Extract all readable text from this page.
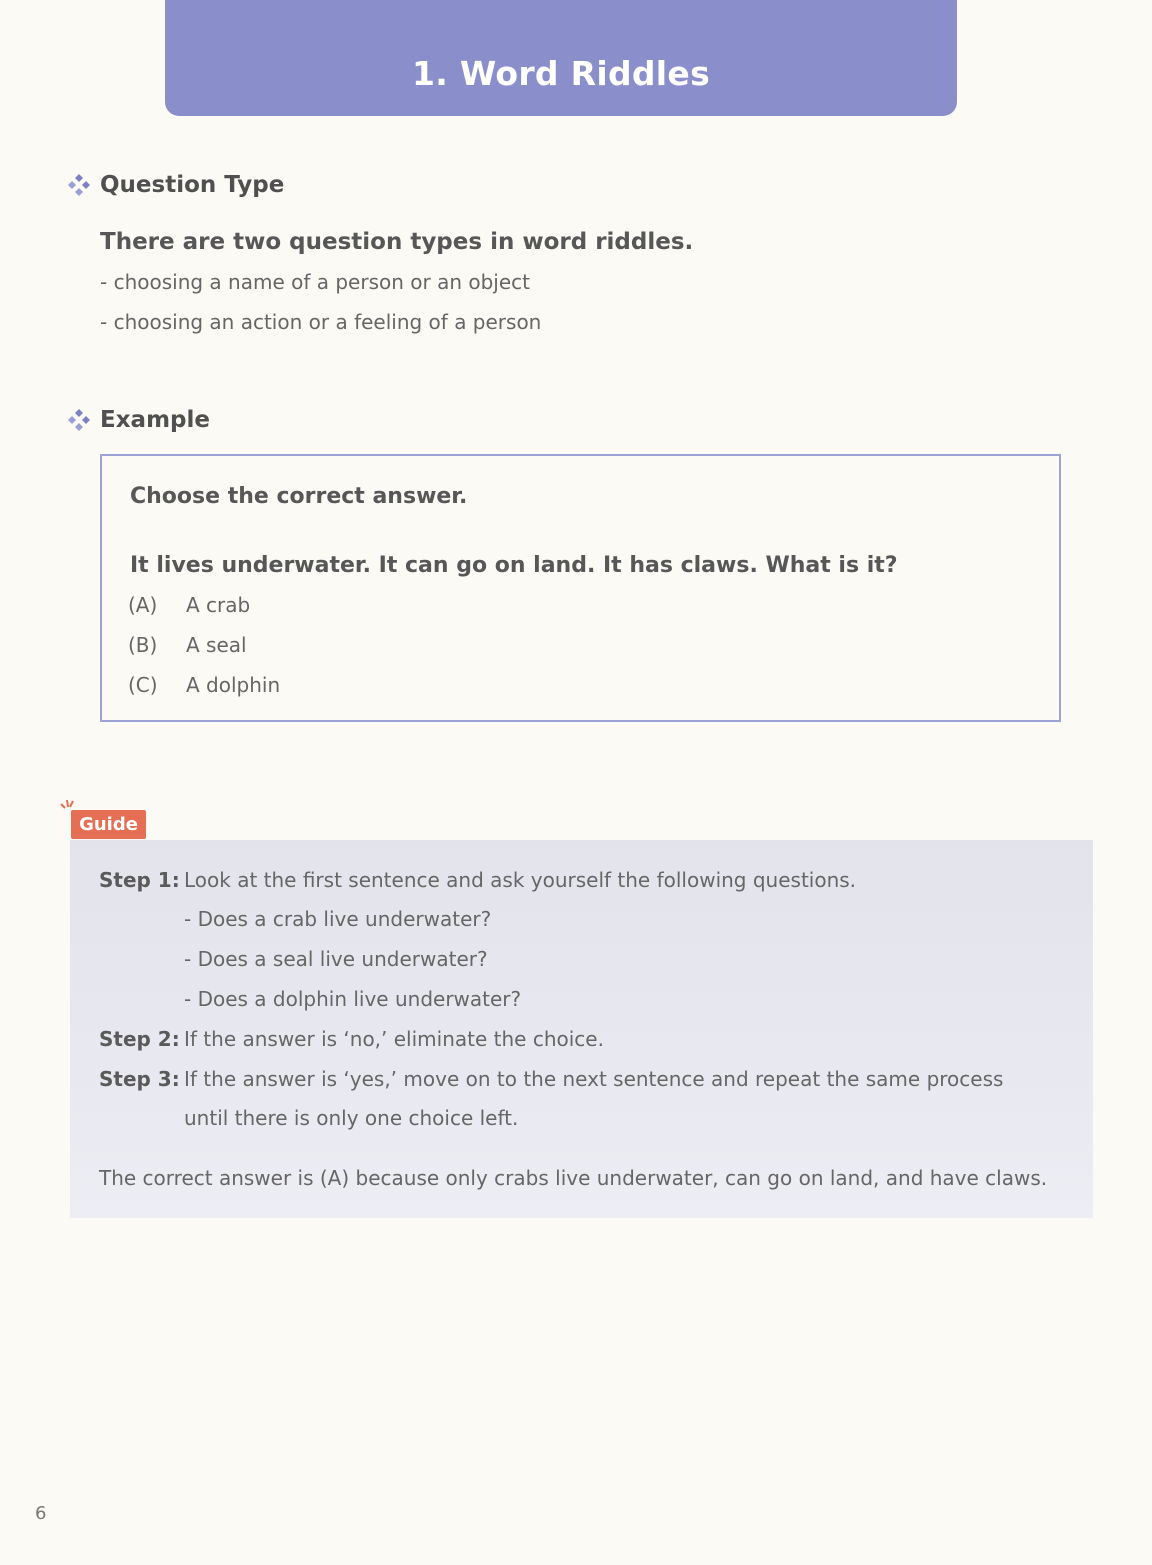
1. Word Riddles
Question Type
There are two question types in word riddles.
- choosing a name of a person or an object
- choosing an action or a feeling of a person
Example
Choose the correct answer.
It lives underwater. It can go on land. It has claws. What is it?
(A) A crab
(B) A seal
(C) A dolphin
Guide
Step 1: Look at the first sentence and ask yourself the following questions.
- Does a crab live underwater?
- Does a seal live underwater?
- Does a dolphin live underwater?
Step 2: If the answer is ‘no,’ eliminate the choice.
Step 3: If the answer is ‘yes,’ move on to the next sentence and repeat the same process
until there is only one choice left.
The correct answer is (A) because only crabs live underwater, can go on land, and have claws.
6
